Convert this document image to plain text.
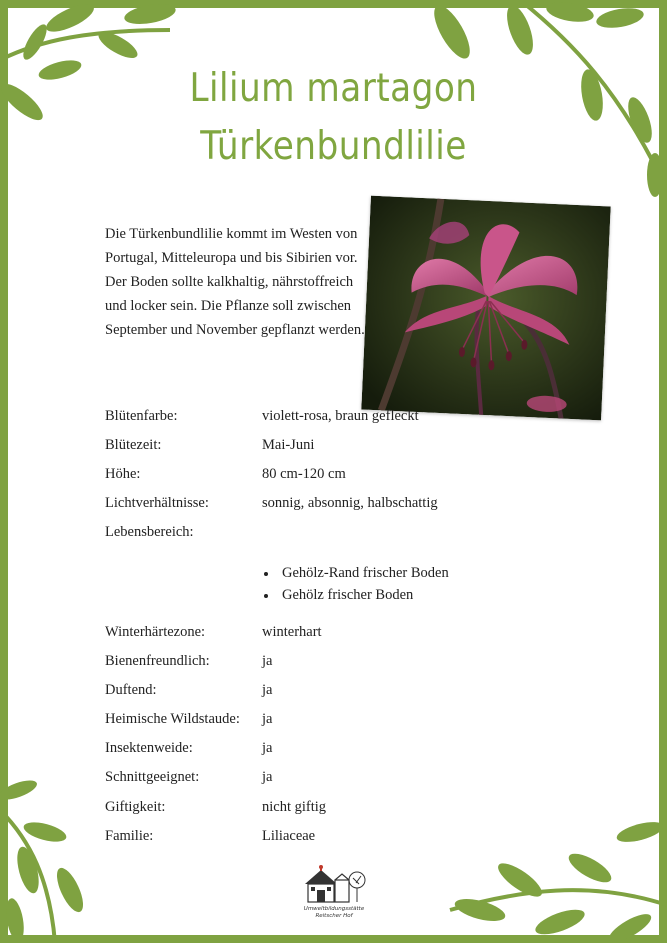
Lilium martagon
Türkenbundlilie

Die Türkenbundlilie kommt im Westen von Portugal, Mitteleuropa und bis Sibirien vor. Der Boden sollte kalkhaltig, nährstoffreich und locker sein. Die Pflanze soll zwischen September und November gepflanzt werden.

Blütenfarbe:	violett-rosa, braun gefleckt
Blütezeit:	Mai-Juni
Höhe:	80 cm-120 cm
Lichtverhältnisse:	sonnig, absonnig, halbschattig
Lebensbereich:
Gehölz-Rand frischer Boden
Gehölz frischer Boden
Winterhärtezone:	winterhart
Bienenfreundlich:	ja
Duftend:	ja
Heimische Wildstaude: ja
Insektenweide:	ja
Schnittgeeignet:	ja
Giftigkeit:	nicht giftig
Familie:	Liliaceae
Umweltbildungsstätte
Reitscher Hof
